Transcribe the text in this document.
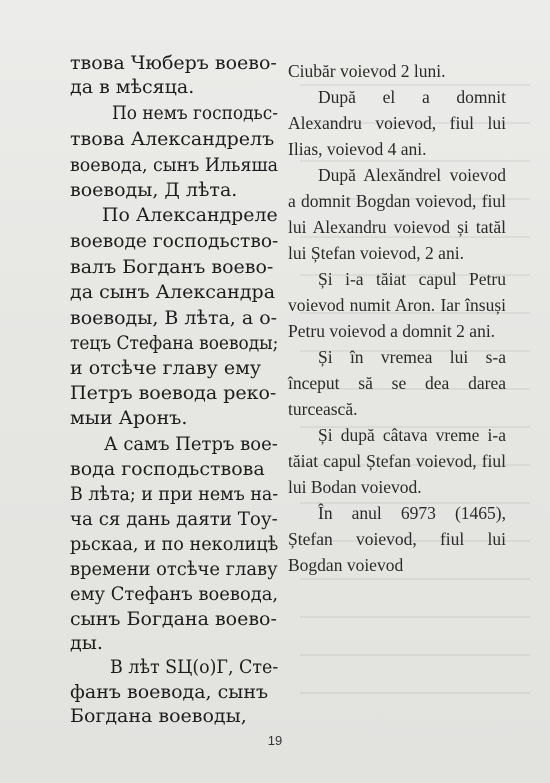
твова Чюберъ воево-
да в мѣсяца.
По немъ господьс-
твова Александрелъ
воевода, сынъ Ильяша
воеводы, Д лѣта.
По Александреле
воеводе господьство-
валъ Богданъ воево-
да сынъ Александра
воеводы, В лѣта, а о-
тецъ Стефана воеводы;
и отсѣче главу ему
Петръ воевода реко-
мыи Аронъ.
А самъ Петръ вое-
вода господьствова
В лѣта; и при немъ на-
ча ся дань даяти Тоу-
рьскаа, и по неколицѣ
времени отсѣче главу
ему Стефанъ воевода,
сынъ Богдана воево-
ды.
В лѣт ЅЦ(о)Г, Сте-
фанъ воевода, сынъ
Богдана воеводы,

Ciubăr voievod 2 luni.

După el a domnit Alexandru voievod, fiul lui Ilias, voievod 4 ani.

După Alexăndrel voievod a domnit Bogdan voievod, fiul lui Alexandru voievod și tatăl lui Ștefan voievod, 2 ani.

Și i-a tăiat capul Petru voievod numit Aron. Iar însuși Petru voievod a domnit 2 ani.

Și în vremea lui s-a început să se dea darea turcească.

Și după câtava vreme i-a tăiat capul Ștefan voievod, fiul lui Bodan voievod.

În anul 6973 (1465), Ștefan voievod, fiul lui Bogdan voievod

19
